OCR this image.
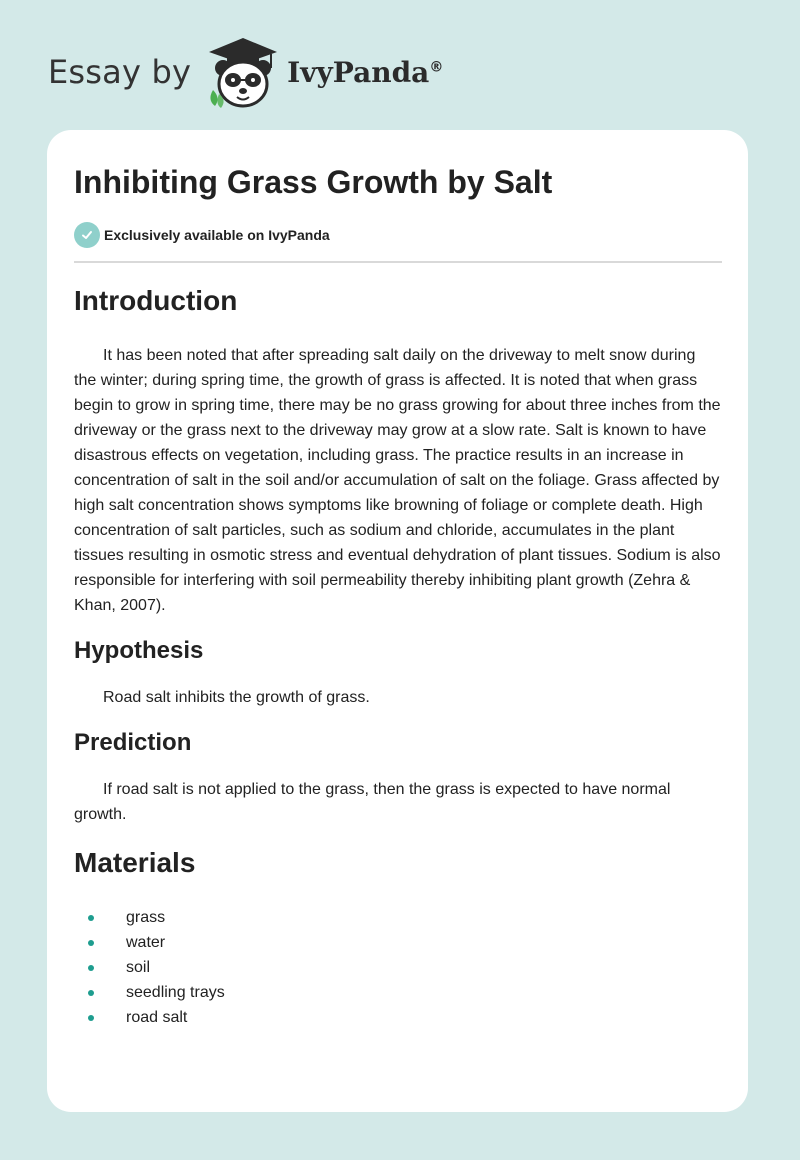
Essay by	IvyPanda®
Inhibiting Grass Growth by Salt
Exclusively available on IvyPanda
Introduction

It has been noted that after spreading salt daily on the driveway to melt snow during the winter; during spring time, the growth of grass is affected. It is noted that when grass begin to grow in spring time, there may be no grass growing for about three inches from the driveway or the grass next to the driveway may grow at a slow rate. Salt is known to have disastrous effects on vegetation, including grass. The practice results in an increase in concentration of salt in the soil and/or accumulation of salt on the foliage. Grass affected by high salt concentration shows symptoms like browning of foliage or complete death. High concentration of salt particles, such as sodium and chloride, accumulates in the plant tissues resulting in osmotic stress and eventual dehydration of plant tissues. Sodium is also responsible for interfering with soil permeability thereby inhibiting plant growth (Zehra & Khan, 2007).

Hypothesis

Road salt inhibits the growth of grass.

Prediction

If road salt is not applied to the grass, then the grass is expected to have normal growth.

Materials
grass
water
soil
seedling trays
road salt
